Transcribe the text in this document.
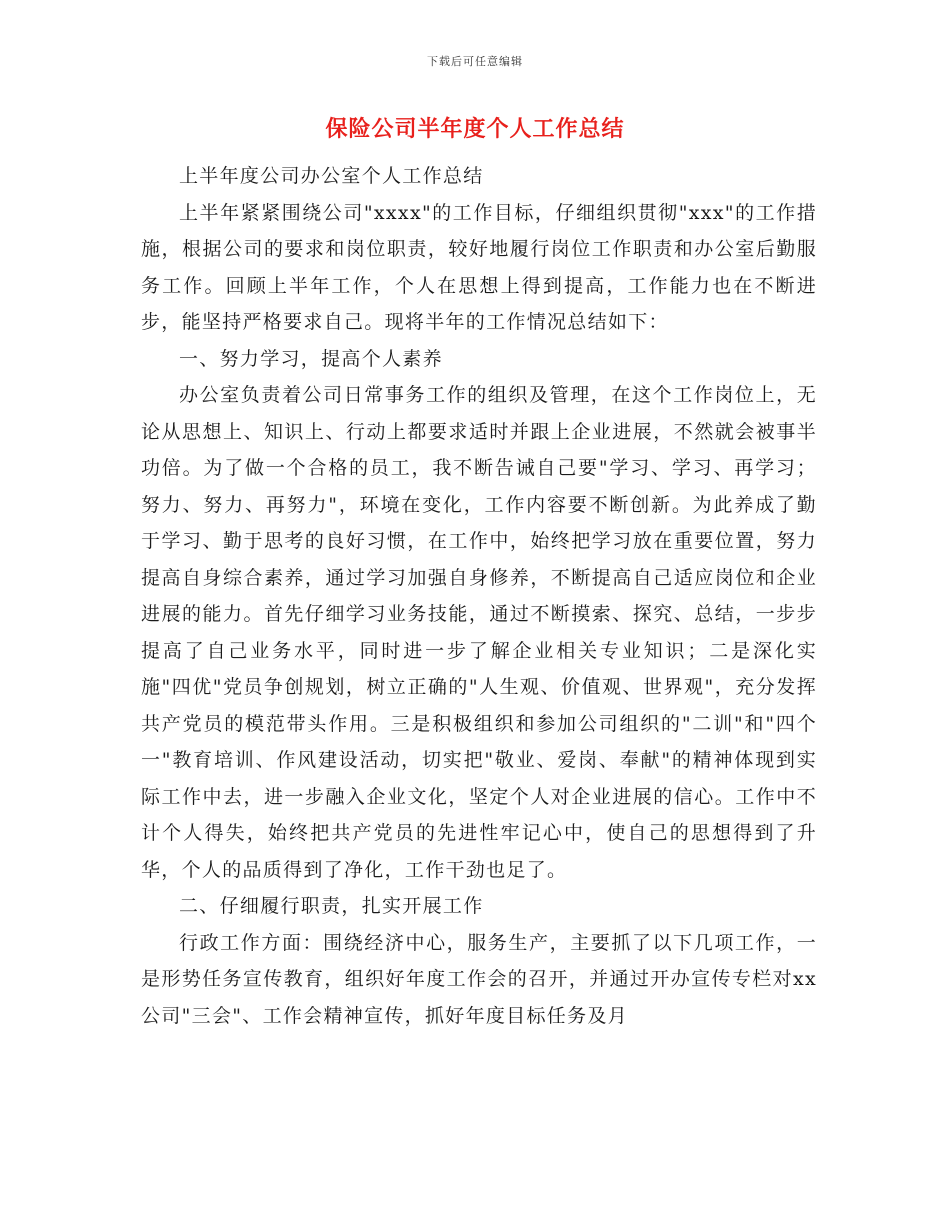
下载后可任意编辑
保险公司半年度个人工作总结

上半年度公司办公室个人工作总结

上半年紧紧围绕公司"xxxx"的工作目标，仔细组织贯彻"xxx"的工作措施，根据公司的要求和岗位职责，较好地履行岗位工作职责和办公室后勤服务工作。回顾上半年工作，个人在思想上得到提高，工作能力也在不断进步，能坚持严格要求自己。现将半年的工作情况总结如下：

一、努力学习，提高个人素养

办公室负责着公司日常事务工作的组织及管理，在这个工作岗位上，无论从思想上、知识上、行动上都要求适时并跟上企业进展，不然就会被事半功倍。为了做一个合格的员工，我不断告诫自己要"学习、学习、再学习；努力、努力、再努力"，环境在变化，工作内容要不断创新。为此养成了勤于学习、勤于思考的良好习惯，在工作中，始终把学习放在重要位置，努力提高自身综合素养，通过学习加强自身修养，不断提高自己适应岗位和企业进展的能力。首先仔细学习业务技能，通过不断摸索、探究、总结，一步步提高了自己业务水平，同时进一步了解企业相关专业知识；二是深化实施"四优"党员争创规划，树立正确的"人生观、价值观、世界观"，充分发挥共产党员的模范带头作用。三是积极组织和参加公司组织的"二训"和"四个一"教育培训、作风建设活动，切实把"敬业、爱岗、奉献"的精神体现到实际工作中去，进一步融入企业文化，坚定个人对企业进展的信心。工作中不计个人得失，始终把共产党员的先进性牢记心中，使自己的思想得到了升华，个人的品质得到了净化，工作干劲也足了。

二、仔细履行职责，扎实开展工作

行政工作方面：围绕经济中心，服务生产，主要抓了以下几项工作，一是形势任务宣传教育，组织好年度工作会的召开，并通过开办宣传专栏对xx公司"三会"、工作会精神宣传，抓好年度目标任务及月
